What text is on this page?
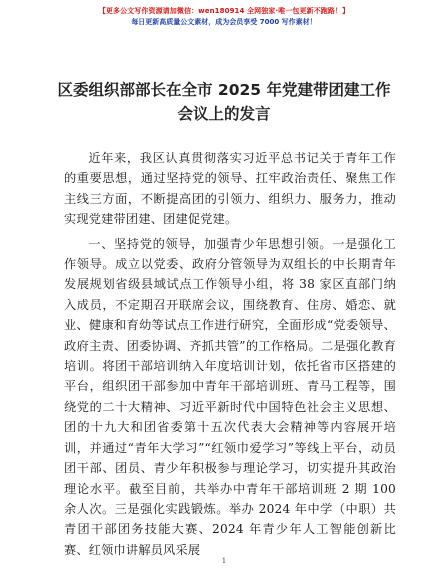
【更多公文写作资源请加微信：wen180914 全网独家·唯一包更新不跑路！】
每日更新高质量公文素材，成为会员享受 7000 写作素材！
区委组织部部长在全市 2025 年党建带团建工作
会议上的发言

近年来，我区认真贯彻落实习近平总书记关于青年工作的重要思想，通过坚持党的领导、扛牢政治责任、聚焦工作主线三方面，不断提高团的引领力、组织力、服务力，推动实现党建带团建、团建促党建。

一、坚持党的领导，加强青少年思想引领。一是强化工作领导。成立以党委、政府分管领导为双组长的中长期青年发展规划省级县域试点工作领导小组，将 38 家区直部门纳入成员，不定期召开联席会议，围绕教育、住房、婚恋、就业、健康和育幼等试点工作进行研究，全面形成“党委领导、政府主责、团委协调、齐抓共管”的工作格局。二是强化教育培训。将团干部培训纳入年度培训计划，依托省市区搭建的平台，组织团干部参加中青年干部培训班、青马工程等，围绕党的二十大精神、习近平新时代中国特色社会主义思想、团的十九大和团省委第十五次代表大会精神等内容展开培训，并通过“青年大学习”“红领巾爱学习”等线上平台，动员团干部、团员、青少年积极参与理论学习，切实提升其政治理论水平。截至目前，共举办中青年干部培训班 2 期 100 余人次。三是强化实践锻炼。举办 2024 年中学（中职）共青团干部团务技能大赛、2024 年青少年人工智能创新比赛、红领巾讲解员风采展

1
